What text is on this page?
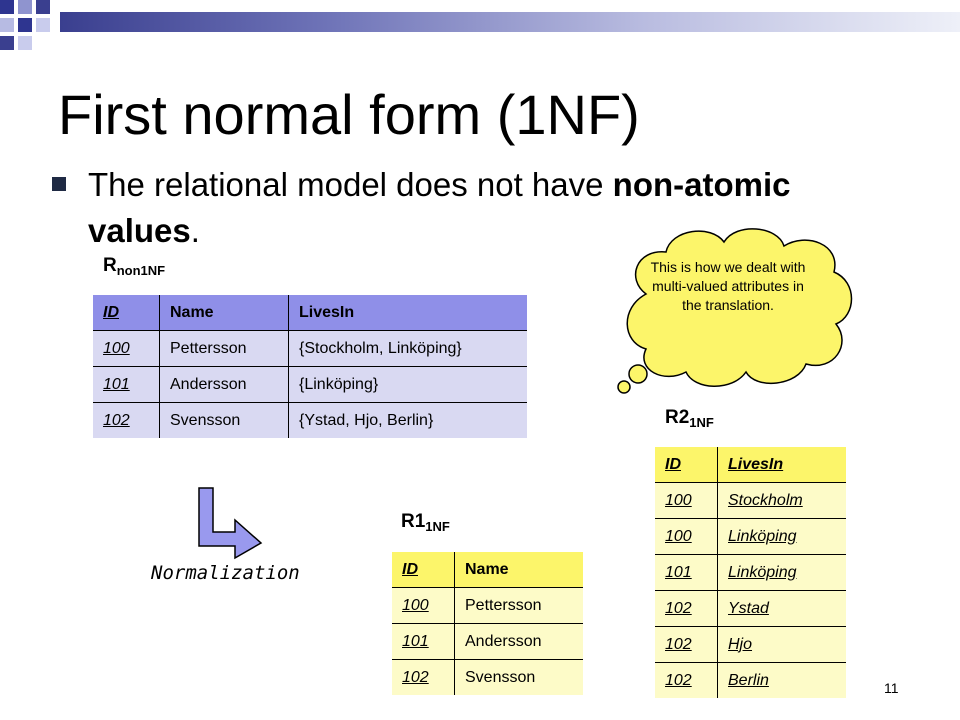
First normal form (1NF)
The relational model does not have non-atomic values.
$R_{non1NF}$
ID	Name	LivesIn
100	Pettersson	{Stockholm, Linköping}
101	Andersson	{Linköping}
102	Svensson	{Ystad, Hjo, Berlin}
This is how we dealt with multi-valued attributes in the translation.
$R2_{1NF}$
ID	LivesIn
100	Stockholm
100	Linköping
101	Linköping
102	Ystad
102	Hjo
102	Berlin
Normalization
$R1_{1NF}$
ID	Name
100	Pettersson
101	Andersson
102	Svensson
11
